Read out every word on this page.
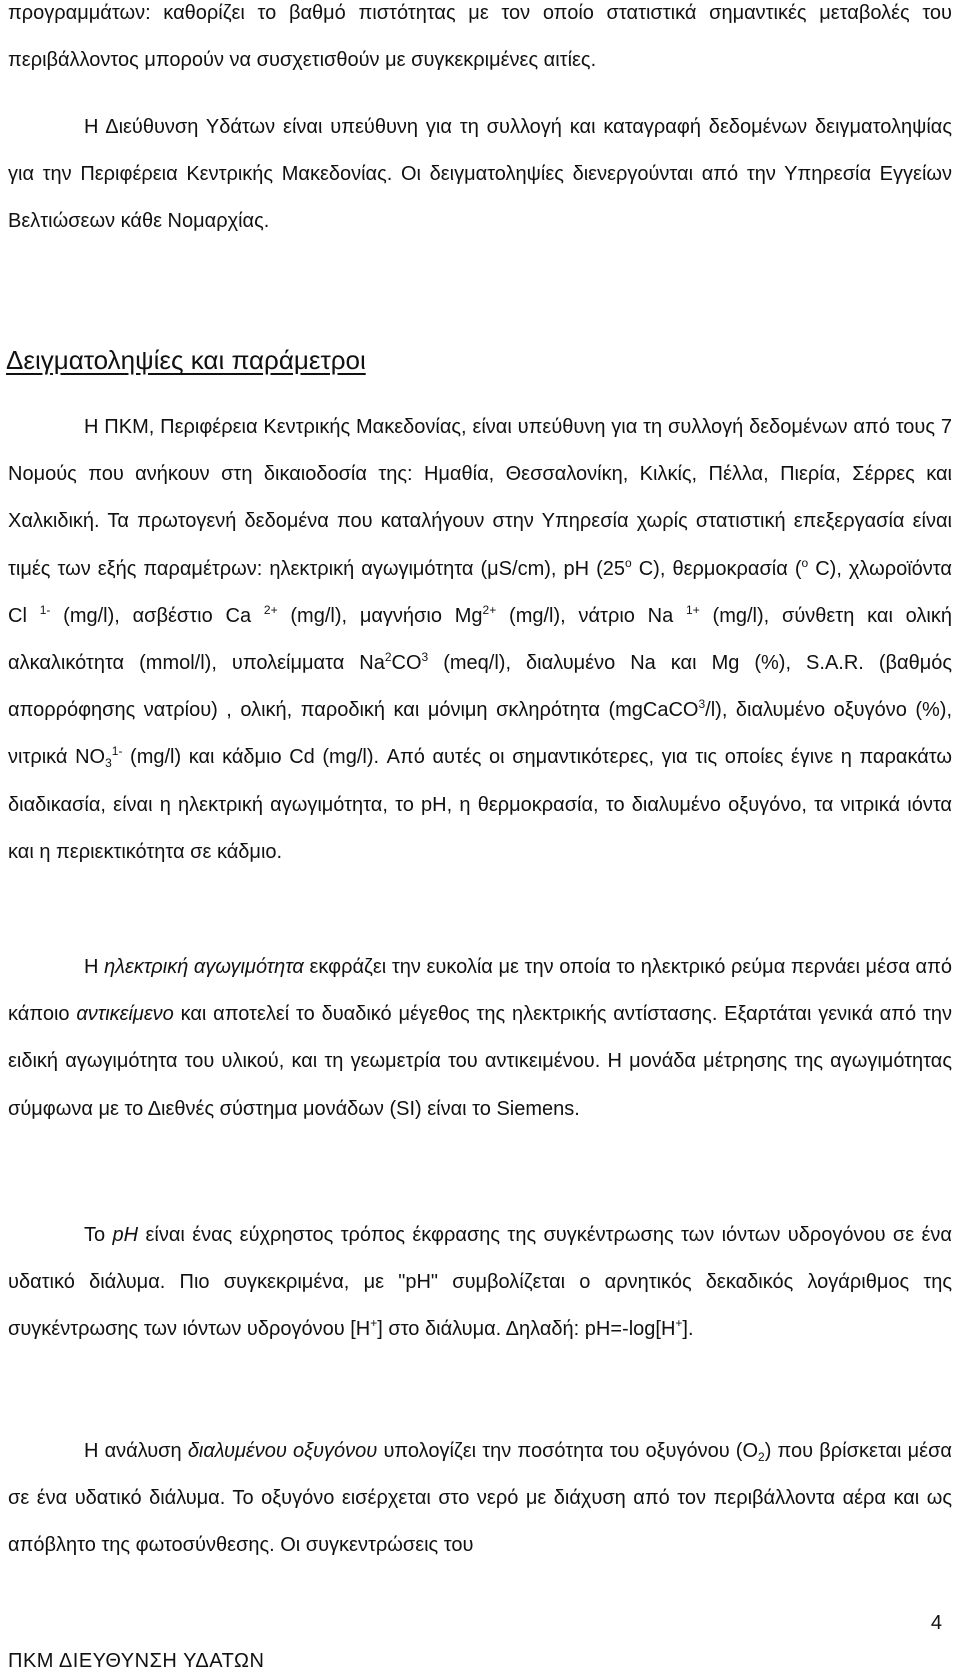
προγραμμάτων: καθορίζει το βαθμό πιστότητας με τον οποίο στατιστικά σημαντικές μεταβολές του περιβάλλοντος μπορούν να συσχετισθούν με συγκεκριμένες αιτίες.

Η Διεύθυνση Υδάτων είναι υπεύθυνη για τη συλλογή και καταγραφή δεδομένων δειγματοληψίας για την Περιφέρεια Κεντρικής Μακεδονίας. Οι δειγματοληψίες διενεργούνται από την Υπηρεσία Εγγείων Βελτιώσεων κάθε Νομαρχίας.

Δειγματοληψίες και παράμετροι

Η ΠΚΜ, Περιφέρεια Κεντρικής Μακεδονίας, είναι υπεύθυνη για τη συλλογή δεδομένων από τους 7 Νομούς που ανήκουν στη δικαιοδοσία της: Ημαθία, Θεσσαλονίκη, Κιλκίς, Πέλλα, Πιερία, Σέρρες και Χαλκιδική. Τα πρωτογενή δεδομένα που καταλήγουν στην Υπηρεσία χωρίς στατιστική επεξεργασία είναι τιμές των εξής παραμέτρων: ηλεκτρική αγωγιμότητα (μS/cm), pH (25$^o$ C), θερμοκρασία ($^o$ C), χλωροϊόντα Cl $^{1-}$ (mg/l), ασβέστιο Ca $^{2+}$ (mg/l), μαγνήσιο $Mg^{2+}$ (mg/l), νάτριο Na $^{1+}$ (mg/l), σύνθετη και ολική αλκαλικότητα (mmol/l), υπολείμματα $Na^2CO^3$ (meq/l), διαλυμένο Na και Mg (%), S.A.R. (βαθμός απορρόφησης νατρίου) , ολική, παροδική και μόνιμη σκληρότητα (mgCaCO$^3$/l), διαλυμένο οξυγόνο (%), νιτρικά $NO_3^{1-}$ (mg/l) και κάδμιο Cd (mg/l). Από αυτές οι σημαντικότερες, για τις οποίες έγινε η παρακάτω διαδικασία, είναι η ηλεκτρική αγωγιμότητα, το pH, η θερμοκρασία, το διαλυμένο οξυγόνο, τα νιτρικά ιόντα και η περιεκτικότητα σε κάδμιο.

Η ηλεκτρική αγωγιμότητα εκφράζει την ευκολία με την οποία το ηλεκτρικό ρεύμα περνάει μέσα από κάποιο αντικείμενο και αποτελεί το δυαδικό μέγεθος της ηλεκτρικής αντίστασης. Εξαρτάται γενικά από την ειδική αγωγιμότητα του υλικού, και τη γεωμετρία του αντικειμένου. Η μονάδα μέτρησης της αγωγιμότητας σύμφωνα με το Διεθνές σύστημα μονάδων (SI) είναι το Siemens.

Το pH είναι ένας εύχρηστος τρόπος έκφρασης της συγκέντρωσης των ιόντων υδρογόνου σε ένα υδατικό διάλυμα. Πιο συγκεκριμένα, με "pH" συμβολίζεται ο αρνητικός δεκαδικός λογάριθμος της συγκέντρωσης των ιόντων υδρογόνου [H+] στο διάλυμα. Δηλαδή: pH=-log[H+].

Η ανάλυση διαλυμένου οξυγόνου υπολογίζει την ποσότητα του οξυγόνου $(O_2)$ που βρίσκεται μέσα σε ένα υδατικό διάλυμα. Το οξυγόνο εισέρχεται στο νερό με διάχυση από τον περιβάλλοντα αέρα και ως απόβλητο της φωτοσύνθεσης. Οι συγκεντρώσεις του

4

ΠΚΜ ΔΙΕΥΘΥΝΣΗ ΥΔΑΤΩΝ
